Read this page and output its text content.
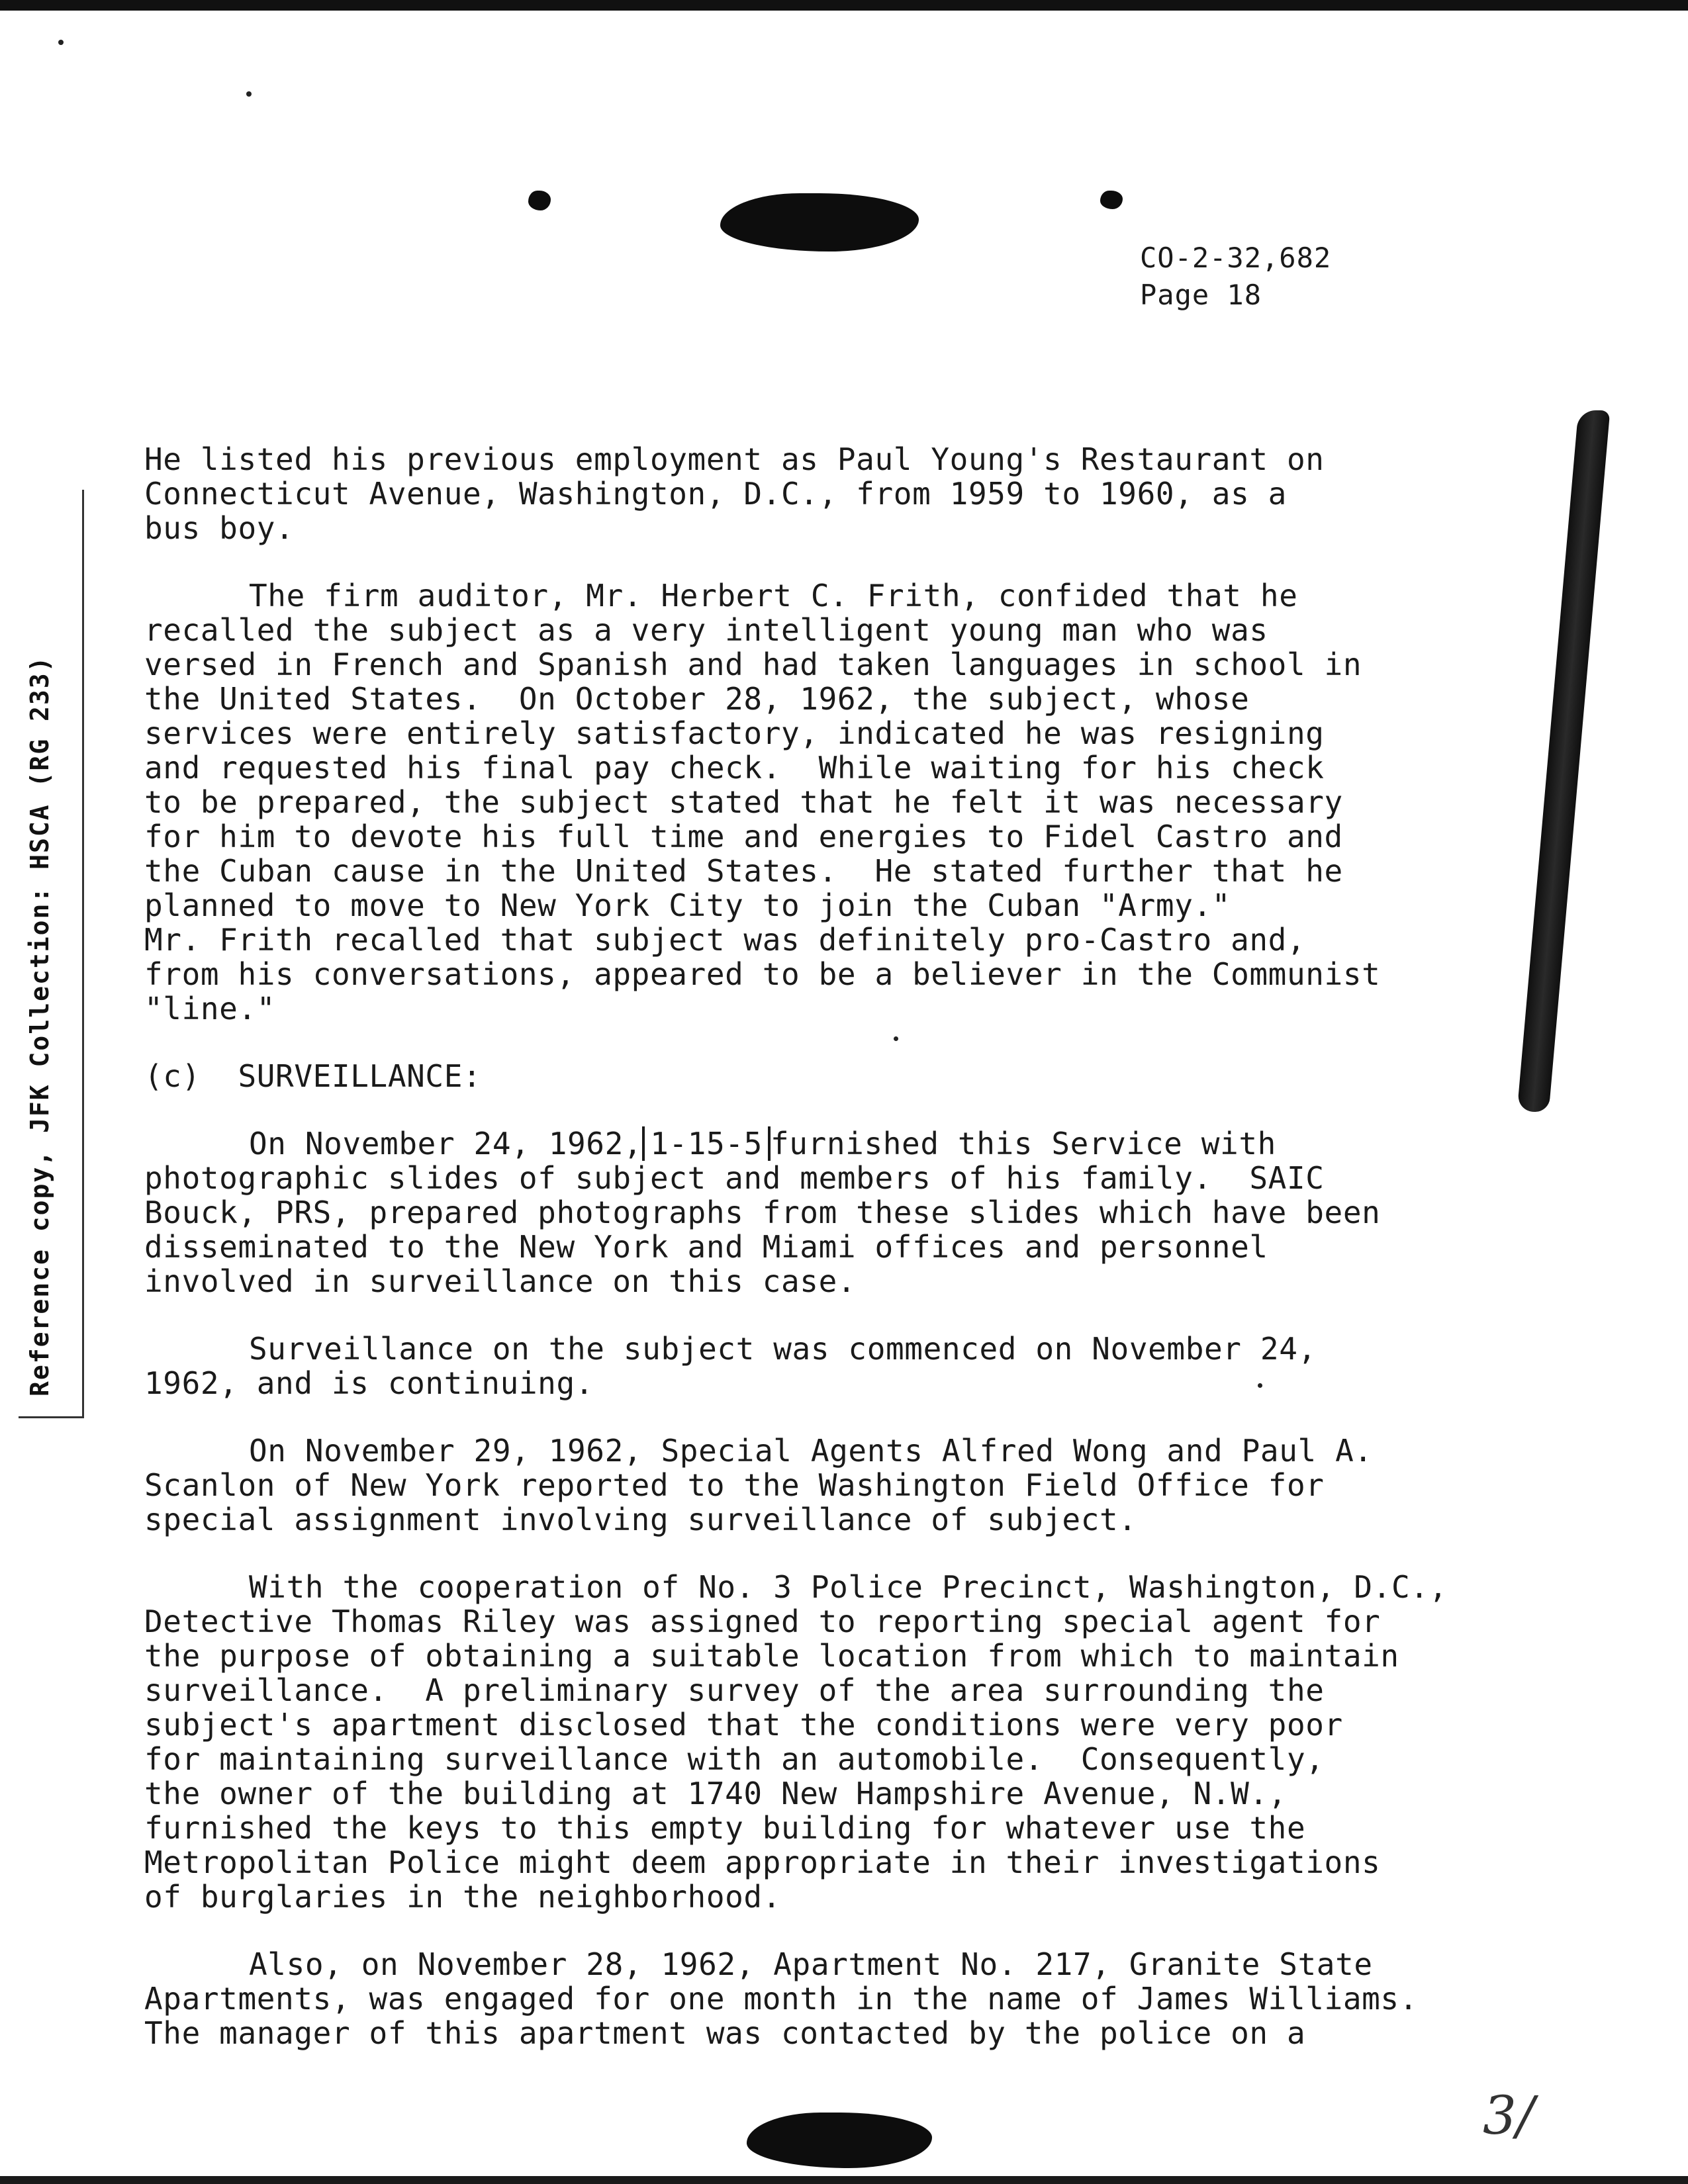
CO-2-32,682
Page 18
Reference copy, JFK Collection: HSCA (RG 233)

He listed his previous employment as Paul Young's Restaurant on
Connecticut Avenue, Washington, D.C., from 1959 to 1960, as a
bus boy.

The firm auditor, Mr. Herbert C. Frith, confided that he
recalled the subject as a very intelligent young man who was
versed in French and Spanish and had taken languages in school in
the United States.  On October 28, 1962, the subject, whose
services were entirely satisfactory, indicated he was resigning
and requested his final pay check.  While waiting for his check
to be prepared, the subject stated that he felt it was necessary
for him to devote his full time and energies to Fidel Castro and
the Cuban cause in the United States.  He stated further that he
planned to move to New York City to join the Cuban "Army."
Mr. Frith recalled that subject was definitely pro-Castro and,
from his conversations, appeared to be a believer in the Communist
"line."

(c)  SURVEILLANCE:

On November 24, 1962, 1-15-5 furnished this Service with
photographic slides of subject and members of his family.  SAIC
Bouck, PRS, prepared photographs from these slides which have been
disseminated to the New York and Miami offices and personnel
involved in surveillance on this case.

Surveillance on the subject was commenced on November 24,
1962, and is continuing.

On November 29, 1962, Special Agents Alfred Wong and Paul A.
Scanlon of New York reported to the Washington Field Office for
special assignment involving surveillance of subject.

With the cooperation of No. 3 Police Precinct, Washington, D.C.,
Detective Thomas Riley was assigned to reporting special agent for
the purpose of obtaining a suitable location from which to maintain
surveillance.  A preliminary survey of the area surrounding the
subject's apartment disclosed that the conditions were very poor
for maintaining surveillance with an automobile.  Consequently,
the owner of the building at 1740 New Hampshire Avenue, N.W.,
furnished the keys to this empty building for whatever use the
Metropolitan Police might deem appropriate in their investigations
of burglaries in the neighborhood.

Also, on November 28, 1962, Apartment No. 217, Granite State
Apartments, was engaged for one month in the name of James Williams.
The manager of this apartment was contacted by the police on a

3/
